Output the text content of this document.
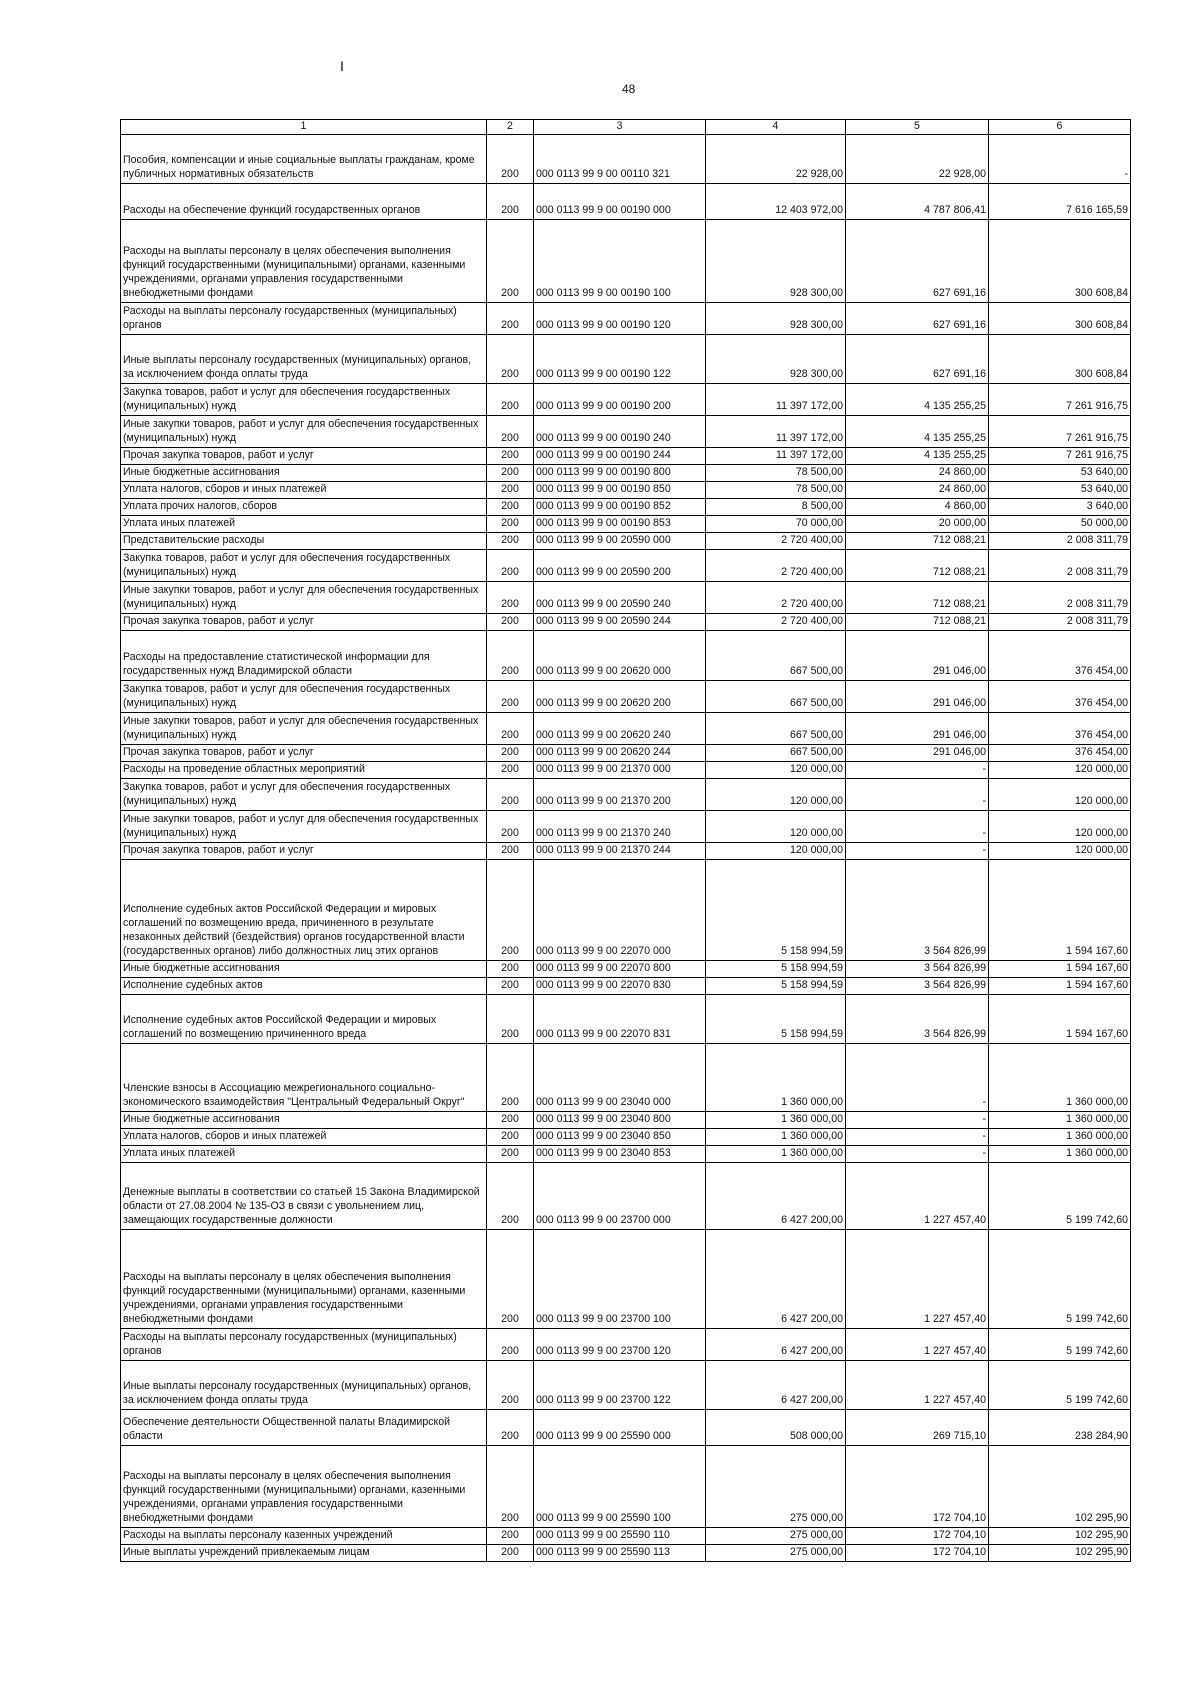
I
48
1	2	3	4	5	6
Пособия, компенсации и иные социальные выплаты гражданам, кроме публичных нормативных обязательств	200	000 0113 99 9 00 00110 321	22 928,00	22 928,00	-
Расходы на обеспечение функций государственных органов	200	000 0113 99 9 00 00190 000	12 403 972,00	4 787 806,41	7 616 165,59
Расходы на выплаты персоналу в целях обеспечения выполнения функций государственными (муниципальными) органами, казенными учреждениями, органами управления государственными внебюджетными фондами	200	000 0113 99 9 00 00190 100	928 300,00	627 691,16	300 608,84
Расходы на выплаты персоналу государственных (муниципальных) органов	200	000 0113 99 9 00 00190 120	928 300,00	627 691,16	300 608,84
Иные выплаты персоналу государственных (муниципальных) органов, за исключением фонда оплаты труда	200	000 0113 99 9 00 00190 122	928 300,00	627 691,16	300 608,84
Закупка товаров, работ и услуг для обеспечения государственных (муниципальных) нужд	200	000 0113 99 9 00 00190 200	11 397 172,00	4 135 255,25	7 261 916,75
Иные закупки товаров, работ и услуг для обеспечения государственных (муниципальных) нужд	200	000 0113 99 9 00 00190 240	11 397 172,00	4 135 255,25	7 261 916,75
Прочая закупка товаров, работ и услуг	200	000 0113 99 9 00 00190 244	11 397 172,00	4 135 255,25	7 261 916,75
Иные бюджетные ассигнования	200	000 0113 99 9 00 00190 800	78 500,00	24 860,00	53 640,00
Уплата налогов, сборов и иных платежей	200	000 0113 99 9 00 00190 850	78 500,00	24 860,00	53 640,00
Уплата прочих налогов, сборов	200	000 0113 99 9 00 00190 852	8 500,00	4 860,00	3 640,00
Уплата иных платежей	200	000 0113 99 9 00 00190 853	70 000,00	20 000,00	50 000,00
Представительские расходы	200	000 0113 99 9 00 20590 000	2 720 400,00	712 088,21	2 008 311,79
Закупка товаров, работ и услуг для обеспечения государственных (муниципальных) нужд	200	000 0113 99 9 00 20590 200	2 720 400,00	712 088,21	2 008 311,79
Иные закупки товаров, работ и услуг для обеспечения государственных (муниципальных) нужд	200	000 0113 99 9 00 20590 240	2 720 400,00	712 088,21	2 008 311,79
Прочая закупка товаров, работ и услуг	200	000 0113 99 9 00 20590 244	2 720 400,00	712 088,21	2 008 311,79
Расходы на предоставление статистической информации для государственных нужд Владимирской области	200	000 0113 99 9 00 20620 000	667 500,00	291 046,00	376 454,00
Закупка товаров, работ и услуг для обеспечения государственных (муниципальных) нужд	200	000 0113 99 9 00 20620 200	667 500,00	291 046,00	376 454,00
Иные закупки товаров, работ и услуг для обеспечения государственных (муниципальных) нужд	200	000 0113 99 9 00 20620 240	667 500,00	291 046,00	376 454,00
Прочая закупка товаров, работ и услуг	200	000 0113 99 9 00 20620 244	667 500,00	291 046,00	376 454,00
Расходы на проведение областных мероприятий	200	000 0113 99 9 00 21370 000	120 000,00	-	120 000,00
Закупка товаров, работ и услуг для обеспечения государственных (муниципальных) нужд	200	000 0113 99 9 00 21370 200	120 000,00	-	120 000,00
Иные закупки товаров, работ и услуг для обеспечения государственных (муниципальных) нужд	200	000 0113 99 9 00 21370 240	120 000,00	-	120 000,00
Прочая закупка товаров, работ и услуг	200	000 0113 99 9 00 21370 244	120 000,00	-	120 000,00
Исполнение судебных актов Российской Федерации и мировых соглашений по возмещению вреда, причиненного в результате незаконных действий (бездействия) органов государственной власти (государственных органов) либо должностных лиц этих органов	200	000 0113 99 9 00 22070 000	5 158 994,59	3 564 826,99	1 594 167,60
Иные бюджетные ассигнования	200	000 0113 99 9 00 22070 800	5 158 994,59	3 564 826,99	1 594 167,60
Исполнение судебных актов	200	000 0113 99 9 00 22070 830	5 158 994,59	3 564 826,99	1 594 167,60
Исполнение судебных актов Российской Федерации и мировых соглашений по возмещению причиненного вреда	200	000 0113 99 9 00 22070 831	5 158 994,59	3 564 826,99	1 594 167,60
Членские взносы в Ассоциацию межрегионального социально-экономического взаимодействия "Центральный Федеральный Округ"	200	000 0113 99 9 00 23040 000	1 360 000,00	-	1 360 000,00
Иные бюджетные ассигнования	200	000 0113 99 9 00 23040 800	1 360 000,00	-	1 360 000,00
Уплата налогов, сборов и иных платежей	200	000 0113 99 9 00 23040 850	1 360 000,00	-	1 360 000,00
Уплата иных платежей	200	000 0113 99 9 00 23040 853	1 360 000,00	-	1 360 000,00
Денежные выплаты в соответствии со статьей 15 Закона Владимирской области от 27.08.2004 № 135-ОЗ в связи с увольнением лиц, замещающих государственные должности	200	000 0113 99 9 00 23700 000	6 427 200,00	1 227 457,40	5 199 742,60
Расходы на выплаты персоналу в целях обеспечения выполнения функций государственными (муниципальными) органами, казенными учреждениями, органами управления государственными внебюджетными фондами	200	000 0113 99 9 00 23700 100	6 427 200,00	1 227 457,40	5 199 742,60
Расходы на выплаты персоналу государственных (муниципальных) органов	200	000 0113 99 9 00 23700 120	6 427 200,00	1 227 457,40	5 199 742,60
Иные выплаты персоналу государственных (муниципальных) органов, за исключением фонда оплаты труда	200	000 0113 99 9 00 23700 122	6 427 200,00	1 227 457,40	5 199 742,60
Обеспечение деятельности Общественной палаты Владимирской области	200	000 0113 99 9 00 25590 000	508 000,00	269 715,10	238 284,90
Расходы на выплаты персоналу в целях обеспечения выполнения функций государственными (муниципальными) органами, казенными учреждениями, органами управления государственными внебюджетными фондами	200	000 0113 99 9 00 25590 100	275 000,00	172 704,10	102 295,90
Расходы на выплаты персоналу казенных учреждений	200	000 0113 99 9 00 25590 110	275 000,00	172 704,10	102 295,90
Иные выплаты учреждений привлекаемым лицам	200	000 0113 99 9 00 25590 113	275 000,00	172 704,10	102 295,90
